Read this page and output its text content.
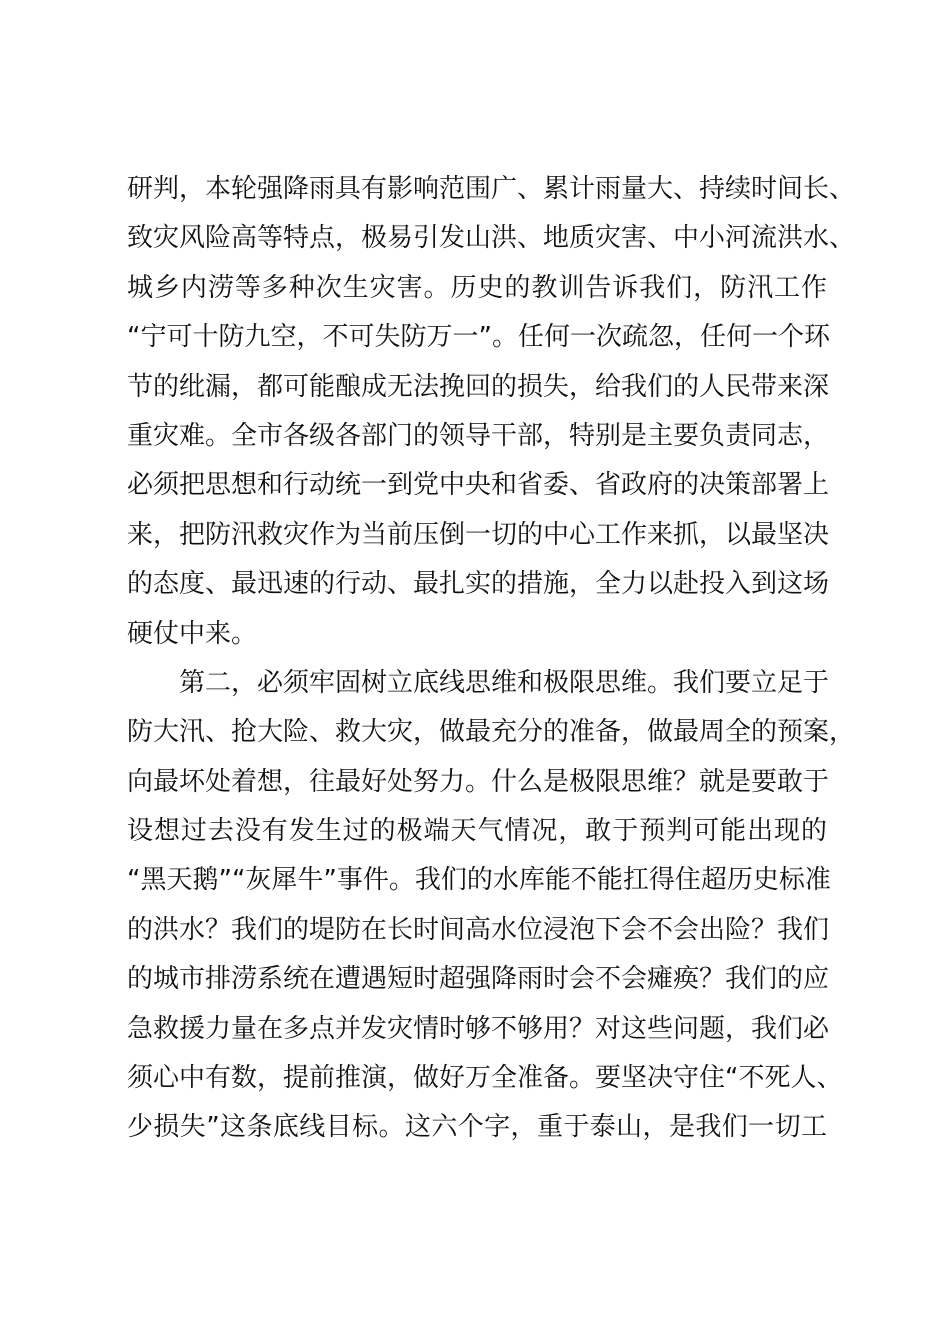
研判，本轮强降雨具有影响范围广、累计雨量大、持续时间长、
致灾风险高等特点，极易引发山洪、地质灾害、中小河流洪水、
城乡内涝等多种次生灾害。历史的教训告诉我们，防汛工作
“宁可十防九空，不可失防万一”。任何一次疏忽，任何一个环
节的纰漏，都可能酿成无法挽回的损失，给我们的人民带来深
重灾难。全市各级各部门的领导干部，特别是主要负责同志，
必须把思想和行动统一到党中央和省委、省政府的决策部署上
来，把防汛救灾作为当前压倒一切的中心工作来抓，以最坚决
的态度、最迅速的行动、最扎实的措施，全力以赴投入到这场
硬仗中来。
第二，必须牢固树立底线思维和极限思维。我们要立足于
防大汛、抢大险、救大灾，做最充分的准备，做最周全的预案，
向最坏处着想，往最好处努力。什么是极限思维？就是要敢于
设想过去没有发生过的极端天气情况，敢于预判可能出现的
“黑天鹅”“灰犀牛”事件。我们的水库能不能扛得住超历史标准
的洪水？我们的堤防在长时间高水位浸泡下会不会出险？我们
的城市排涝系统在遭遇短时超强降雨时会不会瘫痪？我们的应
急救援力量在多点并发灾情时够不够用？对这些问题，我们必
须心中有数，提前推演，做好万全准备。要坚决守住“不死人、
少损失”这条底线目标。这六个字，重于泰山，是我们一切工
